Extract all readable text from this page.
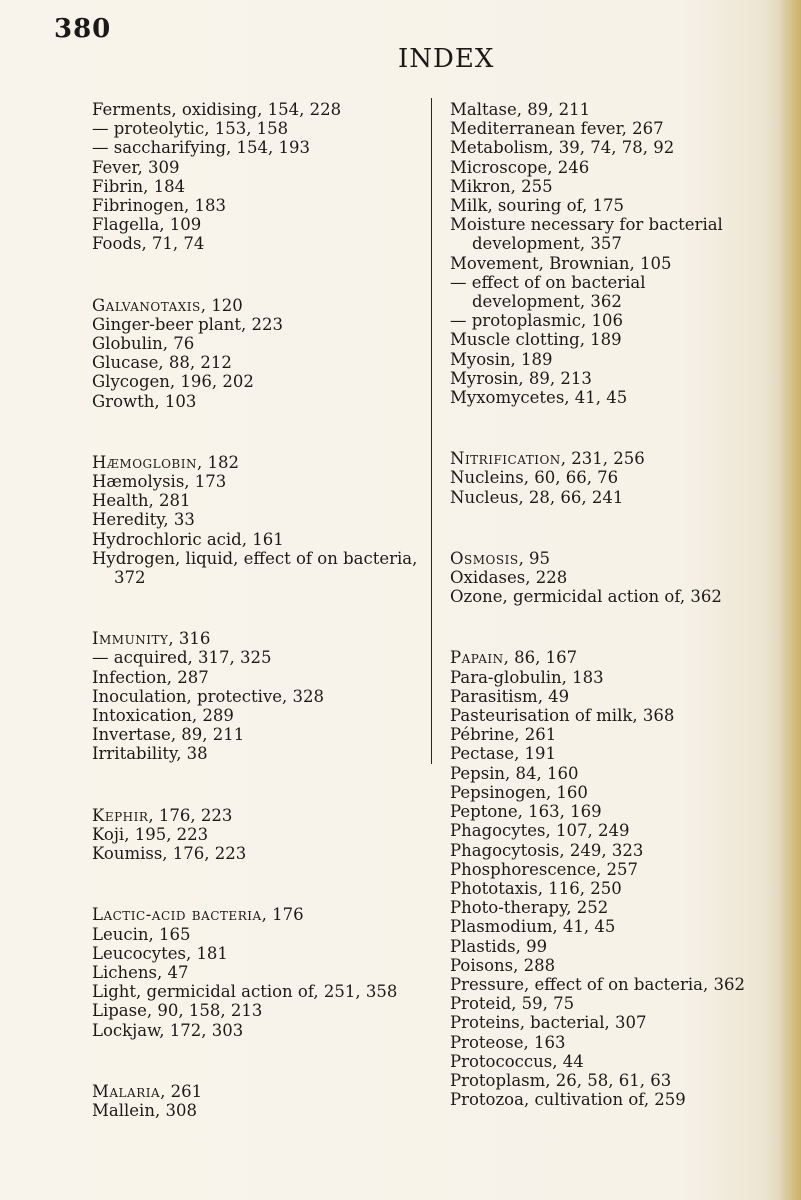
380
INDEX
Ferments, oxidising, 154, 228
— proteolytic, 153, 158
— saccharifying, 154, 193
Fever, 309
Fibrin, 184
Fibrinogen, 183
Flagella, 109
Foods, 71, 74
Galvanotaxis, 120
Ginger-beer plant, 223
Globulin, 76
Glucase, 88, 212
Glycogen, 196, 202
Growth, 103
Hæmoglobin, 182
Hæmolysis, 173
Health, 281
Heredity, 33
Hydrochloric acid, 161
Hydrogen, liquid, effect of on bacteria, 372
Immunity, 316
— acquired, 317, 325
Infection, 287
Inoculation, protective, 328
Intoxication, 289
Invertase, 89, 211
Irritability, 38
Kephir, 176, 223
Koji, 195, 223
Koumiss, 176, 223
Lactic-acid bacteria, 176
Leucin, 165
Leucocytes, 181
Lichens, 47
Light, germicidal action of, 251, 358
Lipase, 90, 158, 213
Lockjaw, 172, 303
Malaria, 261
Mallein, 308
Maltase, 89, 211
Mediterranean fever, 267
Metabolism, 39, 74, 78, 92
Microscope, 246
Mikron, 255
Milk, souring of, 175
Moisture necessary for bacterial development, 357
Movement, Brownian, 105
— effect of on bacterial development, 362
— protoplasmic, 106
Muscle clotting, 189
Myosin, 189
Myrosin, 89, 213
Myxomycetes, 41, 45
Nitrification, 231, 256
Nucleins, 60, 66, 76
Nucleus, 28, 66, 241
Osmosis, 95
Oxidases, 228
Ozone, germicidal action of, 362
Papain, 86, 167
Para-globulin, 183
Parasitism, 49
Pasteurisation of milk, 368
Pébrine, 261
Pectase, 191
Pepsin, 84, 160
Pepsinogen, 160
Peptone, 163, 169
Phagocytes, 107, 249
Phagocytosis, 249, 323
Phosphorescence, 257
Phototaxis, 116, 250
Photo-therapy, 252
Plasmodium, 41, 45
Plastids, 99
Poisons, 288
Pressure, effect of on bacteria, 362
Proteid, 59, 75
Proteins, bacterial, 307
Proteose, 163
Protococcus, 44
Protoplasm, 26, 58, 61, 63
Protozoa, cultivation of, 259
